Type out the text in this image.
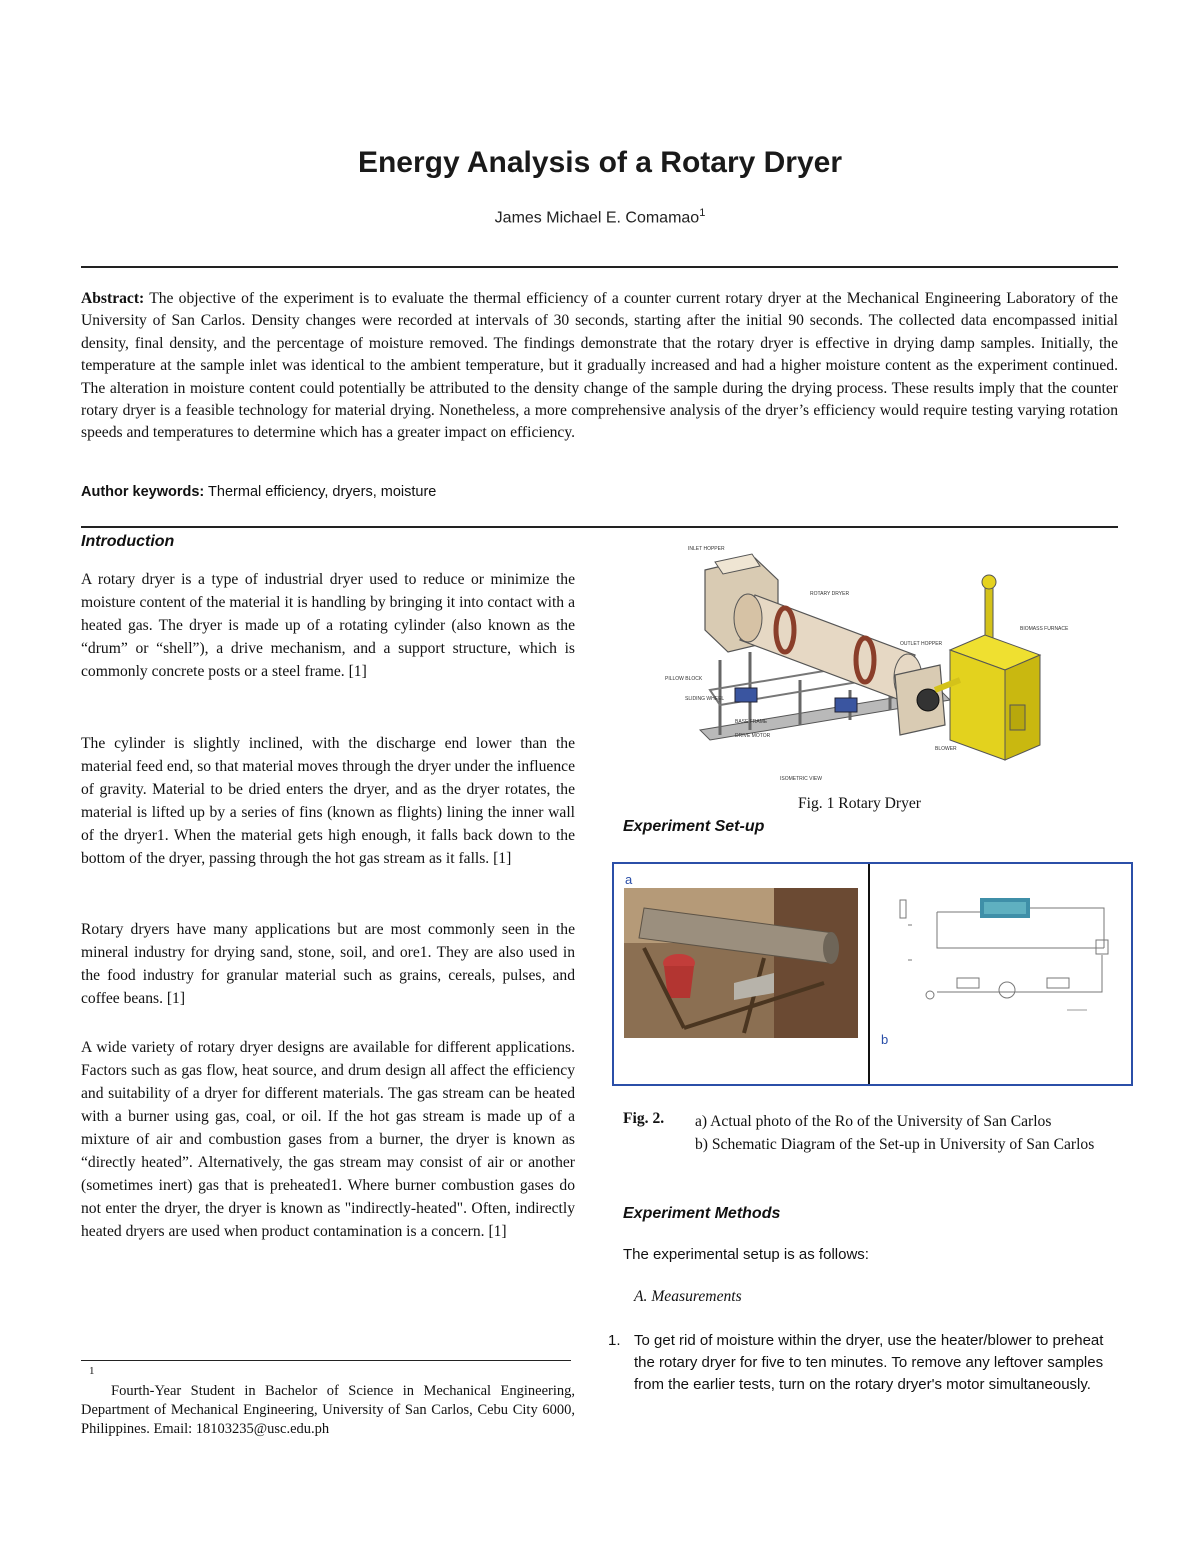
Energy Analysis of a Rotary Dryer
James Michael E. Comamao$^1$
Abstract: The objective of the experiment is to evaluate the thermal efficiency of a counter current rotary dryer at the Mechanical Engineering Laboratory of the University of San Carlos. Density changes were recorded at intervals of 30 seconds, starting after the initial 90 seconds. The collected data encompassed initial density, final density, and the percentage of moisture removed. The findings demonstrate that the rotary dryer is effective in drying damp samples. Initially, the temperature at the sample inlet was identical to the ambient temperature, but it gradually increased and had a higher moisture content as the experiment continued. The alteration in moisture content could potentially be attributed to the density change of the sample during the drying process. These results imply that the counter rotary dryer is a feasible technology for material drying. Nonetheless, a more comprehensive analysis of the dryer’s efficiency would require testing varying rotation speeds and temperatures to determine which has a greater impact on efficiency.
Author keywords: Thermal efficiency, dryers, moisture
Introduction
A rotary dryer is a type of industrial dryer used to reduce or minimize the moisture content of the material it is handling by bringing it into contact with a heated gas. The dryer is made up of a rotating cylinder (also known as the “drum” or “shell”), a drive mechanism, and a support structure, which is commonly concrete posts or a steel frame. [1]
The cylinder is slightly inclined, with the discharge end lower than the material feed end, so that material moves through the dryer under the influence of gravity. Material to be dried enters the dryer, and as the dryer rotates, the material is lifted up by a series of fins (known as flights) lining the inner wall of the dryer1. When the material gets high enough, it falls back down to the bottom of the dryer, passing through the hot gas stream as it falls. [1]
Rotary dryers have many applications but are most commonly seen in the mineral industry for drying sand, stone, soil, and ore1. They are also used in the food industry for granular material such as grains, cereals, pulses, and coffee beans. [1]
A wide variety of rotary dryer designs are available for different applications. Factors such as gas flow, heat source, and drum design all affect the efficiency and suitability of a dryer for different materials. The gas stream can be heated with a burner using gas, coal, or oil. If the hot gas stream is made up of a mixture of air and combustion gases from a burner, the dryer is known as “directly heated”. Alternatively, the gas stream may consist of air or another (sometimes inert) gas that is preheated1. Where burner combustion gases do not enter the dryer, the dryer is known as "indirectly-heated". Often, indirectly heated dryers are used when product contamination is a concern. [1]
1
Fourth-Year Student in Bachelor of Science in Mechanical Engineering, Department of Mechanical Engineering, University of San Carlos, Cebu City 6000, Philippines. Email: 18103235@usc.edu.ph
INLET HOPPER
ROTARY DRYER
OUTLET HOPPER
BIOMASS FURNACE
PILLOW BLOCK
SLIDING WHEEL
BASE FRAME
DRIVE MOTOR
BLOWER
ISOMETRIC VIEW
Fig. 1 Rotary Dryer
Experiment Set-up
a
b
Fig. 2. a) Actual photo of the Ro of the University of San Carlos
b) Schematic Diagram of the Set-up in University of San Carlos
Experiment Methods
The experimental setup is as follows:
A. Measurements
1. To get rid of moisture within the dryer, use the heater/blower to preheat the rotary dryer for five to ten minutes. To remove any leftover samples from the earlier tests, turn on the rotary dryer's motor simultaneously.
